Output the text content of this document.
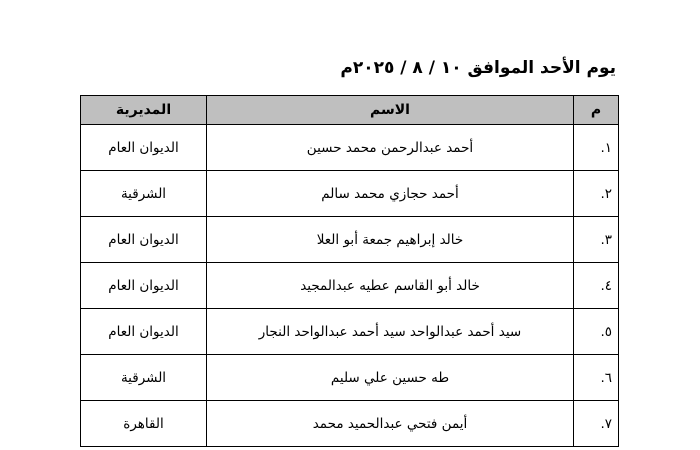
يوم الأحد الموافق ١٠ / ٨ / ٢٠٢٥م
م	الاسم	المديرية
١.	أحمد عبدالرحمن محمد حسين	الديوان العام
٢.	أحمد حجازي محمد سالم	الشرقية
٣.	خالد إبراهيم جمعة أبو العلا	الديوان العام
٤.	خالد أبو القاسم عطيه عبدالمجيد	الديوان العام
٥.	سيد أحمد عبدالواحد سيد أحمد عبدالواحد النجار	الديوان العام
٦.	طه حسين علي سليم	الشرقية
٧.	أيمن فتحي عبدالحميد محمد	القاهرة
